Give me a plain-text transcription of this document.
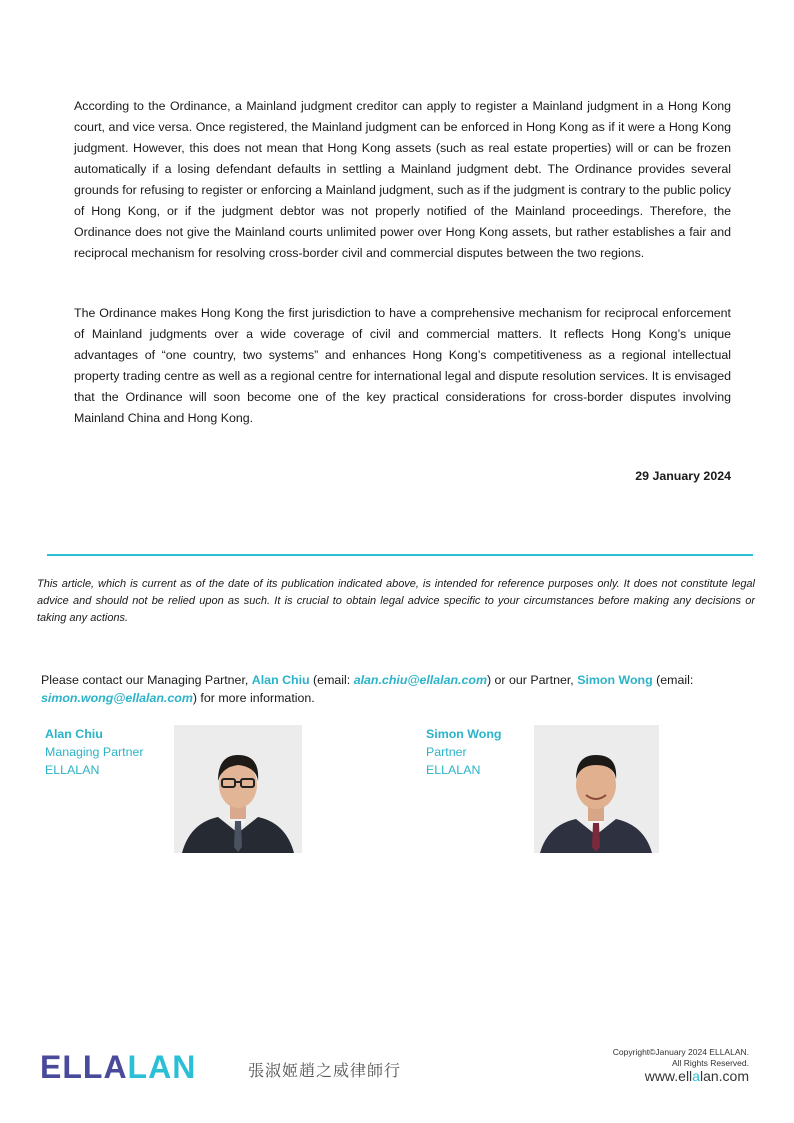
According to the Ordinance, a Mainland judgment creditor can apply to register a Mainland judgment in a Hong Kong court, and vice versa. Once registered, the Mainland judgment can be enforced in Hong Kong as if it were a Hong Kong judgment. However, this does not mean that Hong Kong assets (such as real estate properties) will or can be frozen automatically if a losing defendant defaults in settling a Mainland judgment debt. The Ordinance provides several grounds for refusing to register or enforcing a Mainland judgment, such as if the judgment is contrary to the public policy of Hong Kong, or if the judgment debtor was not properly notified of the Mainland proceedings. Therefore, the Ordinance does not give the Mainland courts unlimited power over Hong Kong assets, but rather establishes a fair and reciprocal mechanism for resolving cross-border civil and commercial disputes between the two regions.

The Ordinance makes Hong Kong the first jurisdiction to have a comprehensive mechanism for reciprocal enforcement of Mainland judgments over a wide coverage of civil and commercial matters. It reflects Hong Kong’s unique advantages of “one country, two systems” and enhances Hong Kong’s competitiveness as a regional intellectual property trading centre as well as a regional centre for international legal and dispute resolution services. It is envisaged that the Ordinance will soon become one of the key practical considerations for cross-border disputes involving Mainland China and Hong Kong.

29 January 2024

This article, which is current as of the date of its publication indicated above, is intended for reference purposes only. It does not constitute legal advice and should not be relied upon as such. It is crucial to obtain legal advice specific to your circumstances before making any decisions or taking any actions.

Please contact our Managing Partner, Alan Chiu (email: alan.chiu@ellalan.com) or our Partner, Simon Wong (email: simon.wong@ellalan.com) for more information.

Alan Chiu
Managing Partner
ELLALAN
Simon Wong
Partner
ELLALAN
ELLALAN	張淑姬趙之威律師行
Copyright©January 2024 ELLALAN.
All Rights Reserved.
www.ellalan.com
